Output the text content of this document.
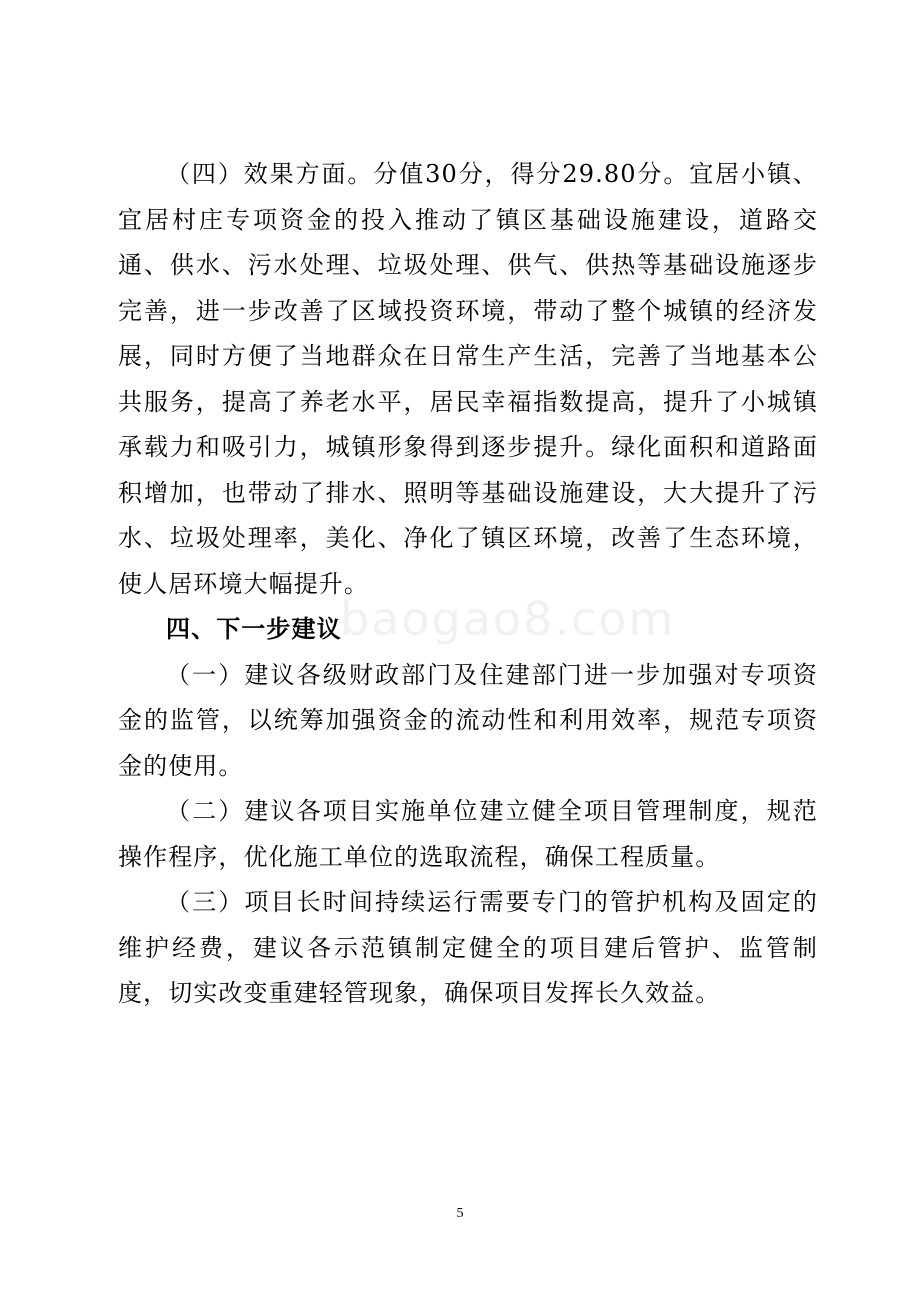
（四）效果方面。分值30分，得分29.80分。宜居小镇、宜居村庄专项资金的投入推动了镇区基础设施建设，道路交通、供水、污水处理、垃圾处理、供气、供热等基础设施逐步完善，进一步改善了区域投资环境，带动了整个城镇的经济发展，同时方便了当地群众在日常生产生活，完善了当地基本公共服务，提高了养老水平，居民幸福指数提高，提升了小城镇承载力和吸引力，城镇形象得到逐步提升。绿化面积和道路面积增加，也带动了排水、照明等基础设施建设，大大提升了污水、垃圾处理率，美化、净化了镇区环境，改善了生态环境，使人居环境大幅提升。

四、下一步建议

（一）建议各级财政部门及住建部门进一步加强对专项资金的监管，以统筹加强资金的流动性和利用效率，规范专项资金的使用。

（二）建议各项目实施单位建立健全项目管理制度，规范操作程序，优化施工单位的选取流程，确保工程质量。

（三）项目长时间持续运行需要专门的管护机构及固定的维护经费，建议各示范镇制定健全的项目建后管护、监管制度，切实改变重建轻管现象，确保项目发挥长久效益。

baogao8.com
5
